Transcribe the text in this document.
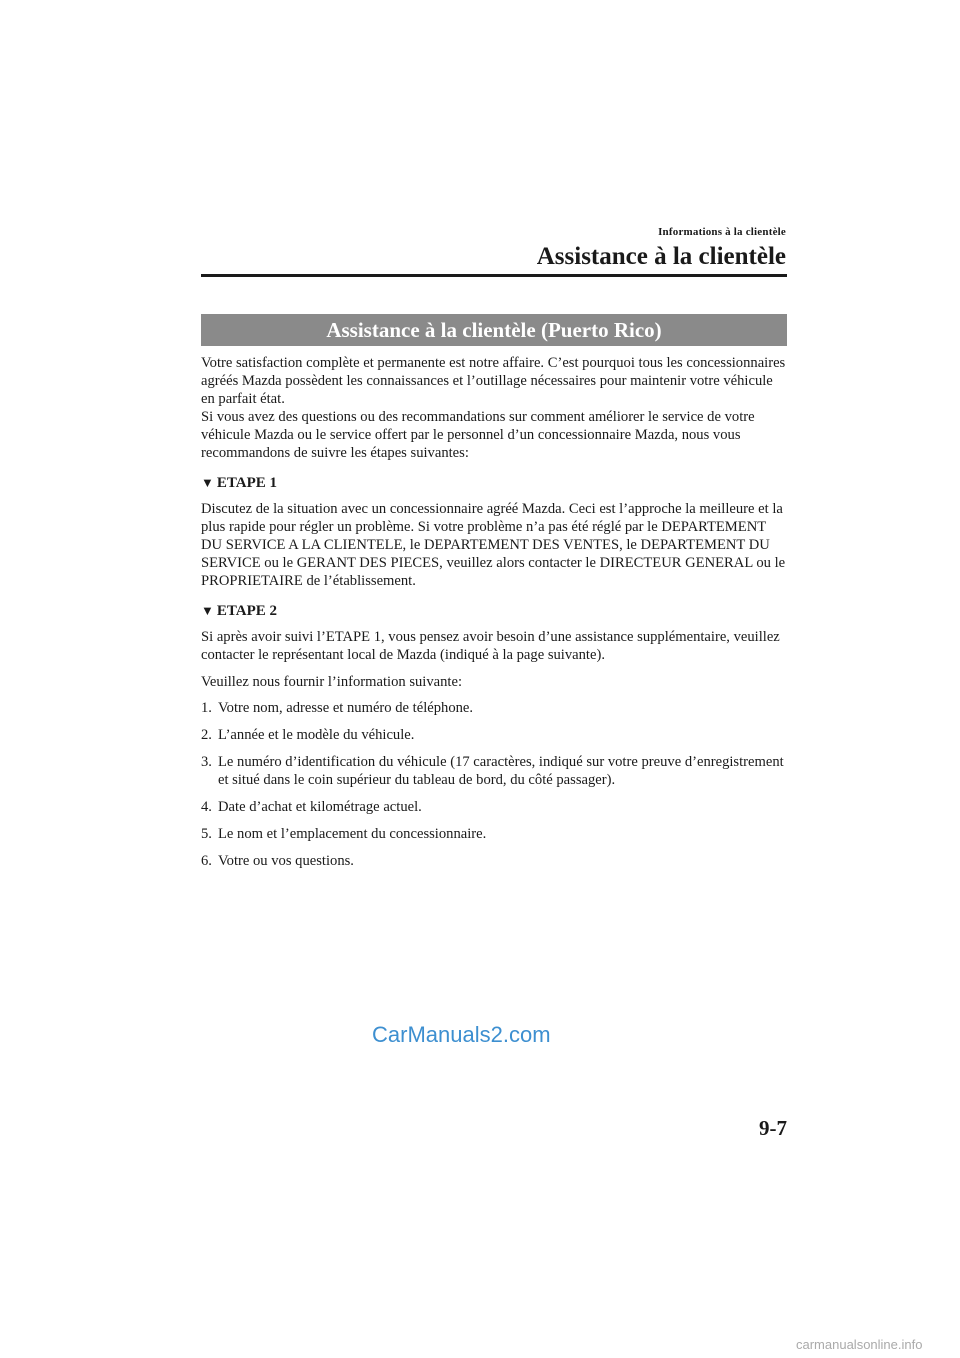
Informations à la clientèle
Assistance à la clientèle
Assistance à la clientèle (Puerto Rico)

Votre satisfaction complète et permanente est notre affaire. C’est pourquoi tous les concessionnaires agréés Mazda possèdent les connaissances et l’outillage nécessaires pour maintenir votre véhicule en parfait état.

Si vous avez des questions ou des recommandations sur comment améliorer le service de votre véhicule Mazda ou le service offert par le personnel d’un concessionnaire Mazda, nous vous recommandons de suivre les étapes suivantes:

▼ ETAPE 1

Discutez de la situation avec un concessionnaire agréé Mazda. Ceci est l’approche la meilleure et la plus rapide pour régler un problème. Si votre problème n’a pas été réglé par le DEPARTEMENT DU SERVICE A LA CLIENTELE, le DEPARTEMENT DES VENTES, le DEPARTEMENT DU SERVICE ou le GERANT DES PIECES, veuillez alors contacter le DIRECTEUR GENERAL ou le PROPRIETAIRE de l’établissement.

▼ ETAPE 2

Si après avoir suivi l’ETAPE 1, vous pensez avoir besoin d’une assistance supplémentaire, veuillez contacter le représentant local de Mazda (indiqué à la page suivante).

Veuillez nous fournir l’information suivante:

1. Votre nom, adresse et numéro de téléphone.
2. L’année et le modèle du véhicule.
3. Le numéro d’identification du véhicule (17 caractères, indiqué sur votre preuve d’enregistrement et situé dans le coin supérieur du tableau de bord, du côté passager).
4. Date d’achat et kilométrage actuel.
5. Le nom et l’emplacement du concessionnaire.
6. Votre ou vos questions.
CarManuals2.com
9-7
carmanualsonline.info
